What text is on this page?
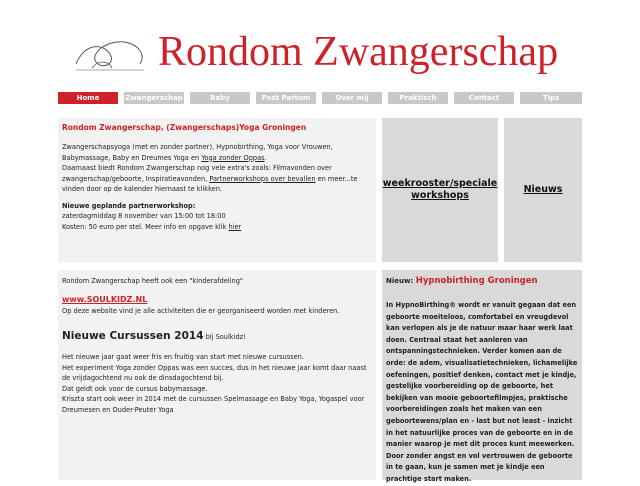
Rondom Zwangerschap
Home	Zwangerschap	Baby	Post Partum	Over mij	Praktisch	Contact	Tips

Rondom Zwangerschap, (Zwangerschaps)Yoga Groningen

Zwangerschapsyoga (met en zonder partner), Hypnobirthing, Yoga voor Vrouwen, Babymassage, Baby en Dreumes Yoga en Yoga zonder Oppas.

Daarnaast biedt Rondom Zwangerschap nog vele extra's zoals: Filmavonden over zwangerschap/geboorte, Inspiratieavonden, Partnerworkshops over bevallen en meer...te vinden door op de kalender hiernaast te klikken.

Nieuwe geplande partnerworkshop:

zaterdagmiddag 8 november van 15:00 tot 18:00

Kosten: 50 euro per stel. Meer info en opgave klik hier

weekrooster/speciale workshops
Nieuws

Rondom Zwangerschap heeft ook een "kinderafdeling"

www.SOULKIDZ.NL

Op deze website vind je alle activiteiten die er georganiseerd worden met kinderen.

Nieuwe Cursussen 2014 bij Soulkidz!

Het nieuwe jaar gaat weer fris en fruitig van start met nieuwe cursussen.

Het experiment Yoga zonder Oppas was een succes, dus in het nieuwe jaar komt daar naast de vrijdagochtend nu ook de dinsdagochtend bij.

Dat geldt ook voor de cursus babymassage.

Kriszta start ook weer in 2014 met de cursussen Spelmassage en Baby Yoga, Yogaspel voor Dreumesen en Ouder-Peuter Yoga

Nieuw: Hypnobirthing Groningen

In HypnoBirthing® wordt er vanuit gegaan dat een geboorte moeiteloos, comfortabel en vreugdevol kan verlopen als je de natuur maar haar werk laat doen. Centraal staat het aanleren van ontspanningstechnieken. Verder komen aan de orde: de adem, visualisatietechnieken, lichamelijke oefeningen, positief denken, contact met je kindje, gestelijke voorbereiding op de geboorte, het bekijken van mooie geboortefilmpjes, praktische voorbereidingen zoals het maken van een geboortewens/plan en - last but not least - inzicht in het natuurlijke proces van de geboorte en in de manier waarop je met dit proces kunt meewerken. Door zonder angst en vol vertrouwen de geboorte in te gaan, kun je samen met je kindje een prachtige start maken.
